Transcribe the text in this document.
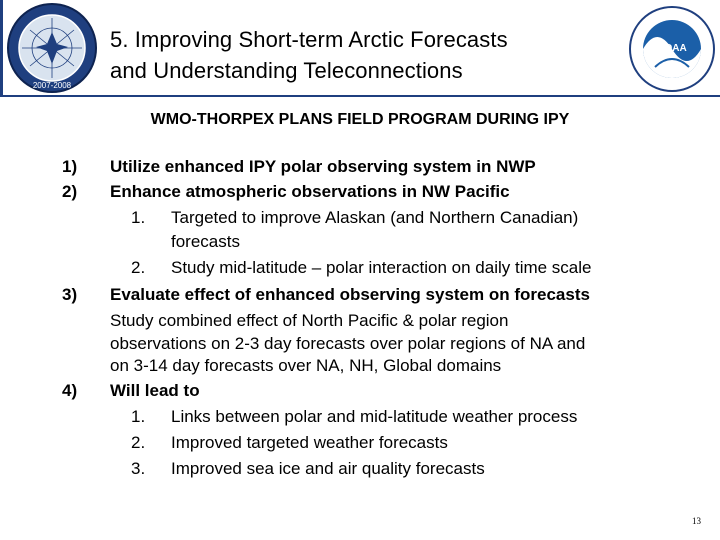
2007-2008
5. Improving Short-term Arctic Forecasts
and Understanding Teleconnections
NOAA
WMO-THORPEX PLANS FIELD PROGRAM DURING IPY
1) Utilize enhanced IPY polar observing system in NWP
2) Enhance atmospheric observations in NW Pacific
1. Targeted to improve Alaskan (and Northern Canadian)
forecasts
2. Study mid-latitude – polar interaction on daily time scale
3) Evaluate effect of enhanced observing system on forecasts
Study combined effect of North Pacific & polar region
observations on 2-3 day forecasts over polar regions of NA and
on 3-14 day forecasts over NA, NH, Global domains
4) Will lead to
1. Links between polar and mid-latitude weather process
2. Improved targeted weather forecasts
3. Improved sea ice and air quality forecasts
13
